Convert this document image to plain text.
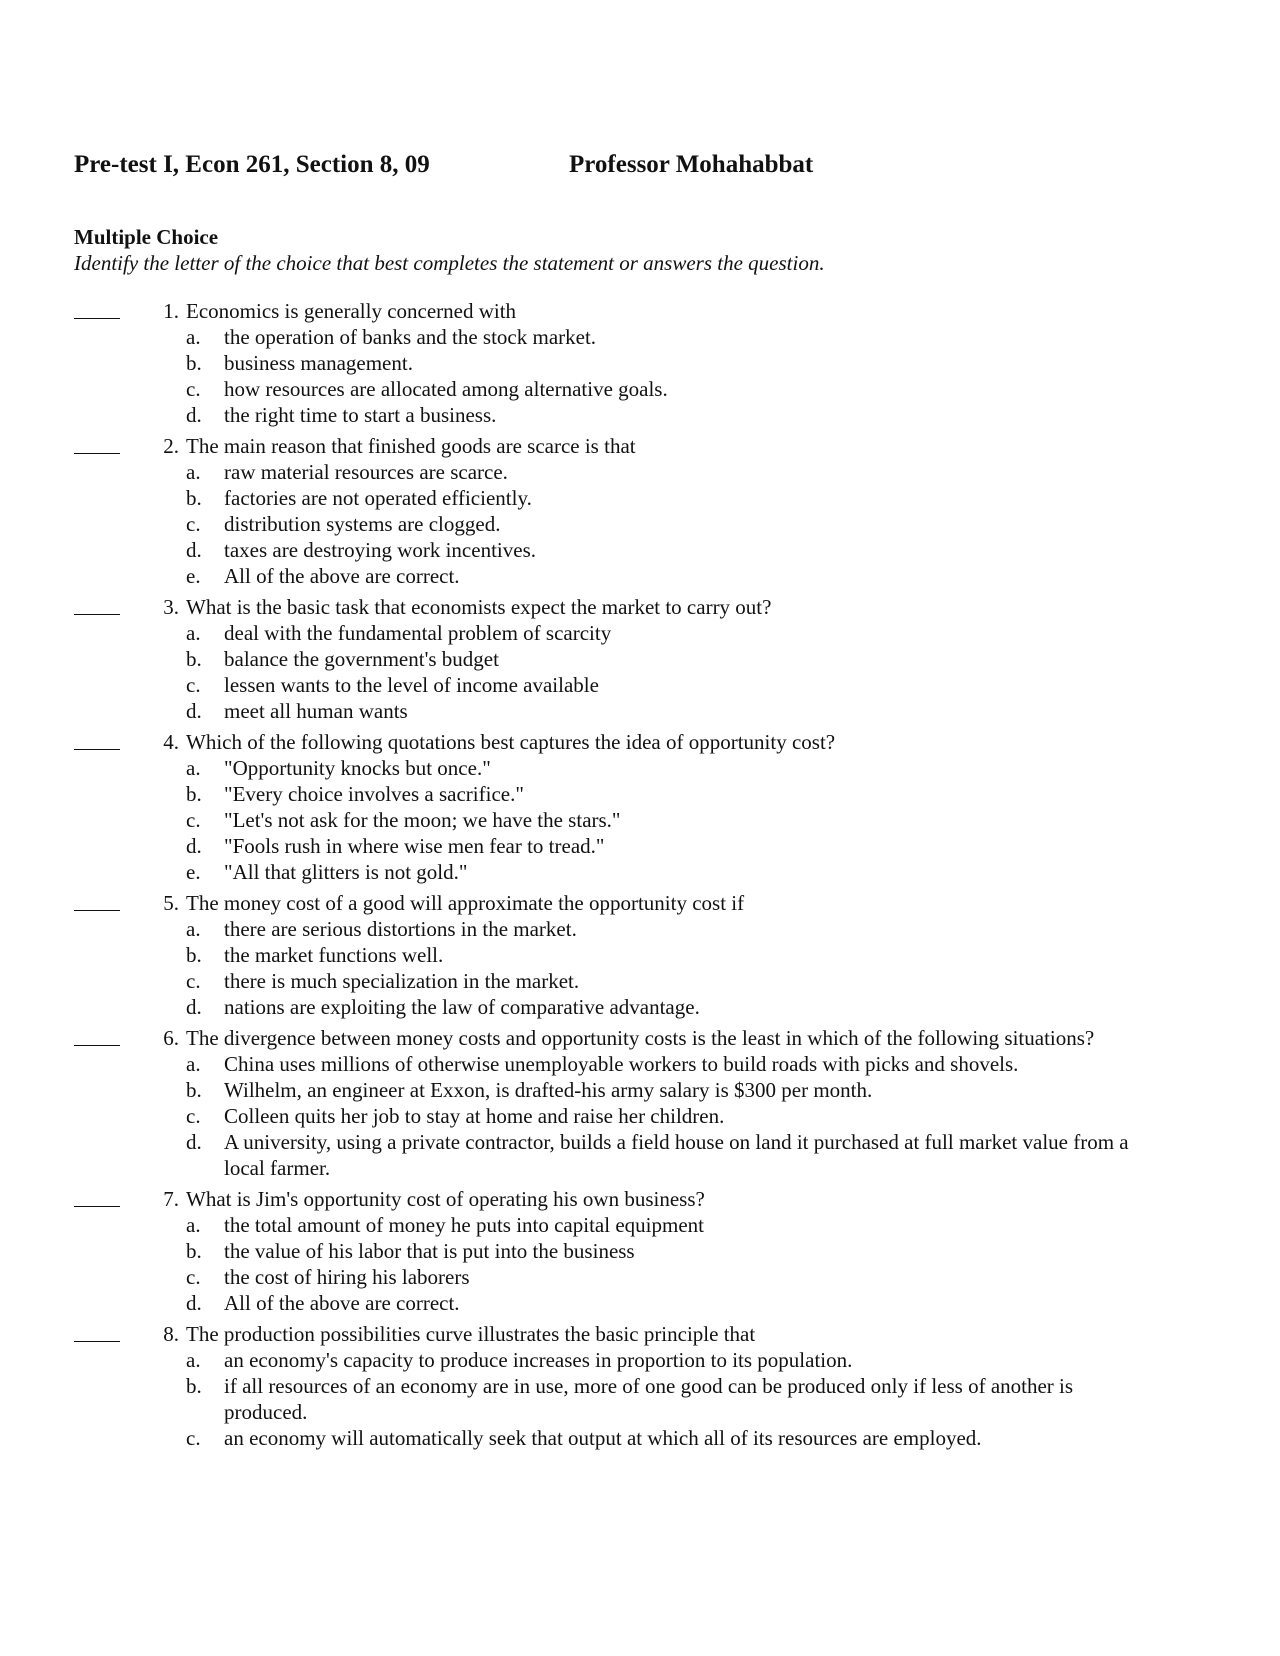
Pre-test I, Econ 261, Section 8, 09	Professor Mohahabbat
Multiple Choice
Identify the letter of the choice that best completes the statement or answers the question.
1. Economics is generally concerned with
a. the operation of banks and the stock market.
b. business management.
c. how resources are allocated among alternative goals.
d. the right time to start a business.
2. The main reason that finished goods are scarce is that
a. raw material resources are scarce.
b. factories are not operated efficiently.
c. distribution systems are clogged.
d. taxes are destroying work incentives.
e. All of the above are correct.
3. What is the basic task that economists expect the market to carry out?
a. deal with the fundamental problem of scarcity
b. balance the government's budget
c. lessen wants to the level of income available
d. meet all human wants
4. Which of the following quotations best captures the idea of opportunity cost?
a. "Opportunity knocks but once."
b. "Every choice involves a sacrifice."
c. "Let's not ask for the moon; we have the stars."
d. "Fools rush in where wise men fear to tread."
e. "All that glitters is not gold."
5. The money cost of a good will approximate the opportunity cost if
a. there are serious distortions in the market.
b. the market functions well.
c. there is much specialization in the market.
d. nations are exploiting the law of comparative advantage.
6. The divergence between money costs and opportunity costs is the least in which of the following situations?
a. China uses millions of otherwise unemployable workers to build roads with picks and shovels.
b. Wilhelm, an engineer at Exxon, is drafted-his army salary is $300 per month.
c. Colleen quits her job to stay at home and raise her children.
d. A university, using a private contractor, builds a field house on land it purchased at full market value from a local farmer.
7. What is Jim's opportunity cost of operating his own business?
a. the total amount of money he puts into capital equipment
b. the value of his labor that is put into the business
c. the cost of hiring his laborers
d. All of the above are correct.
8. The production possibilities curve illustrates the basic principle that
a. an economy's capacity to produce increases in proportion to its population.
b. if all resources of an economy are in use, more of one good can be produced only if less of another is produced.
c. an economy will automatically seek that output at which all of its resources are employed.
